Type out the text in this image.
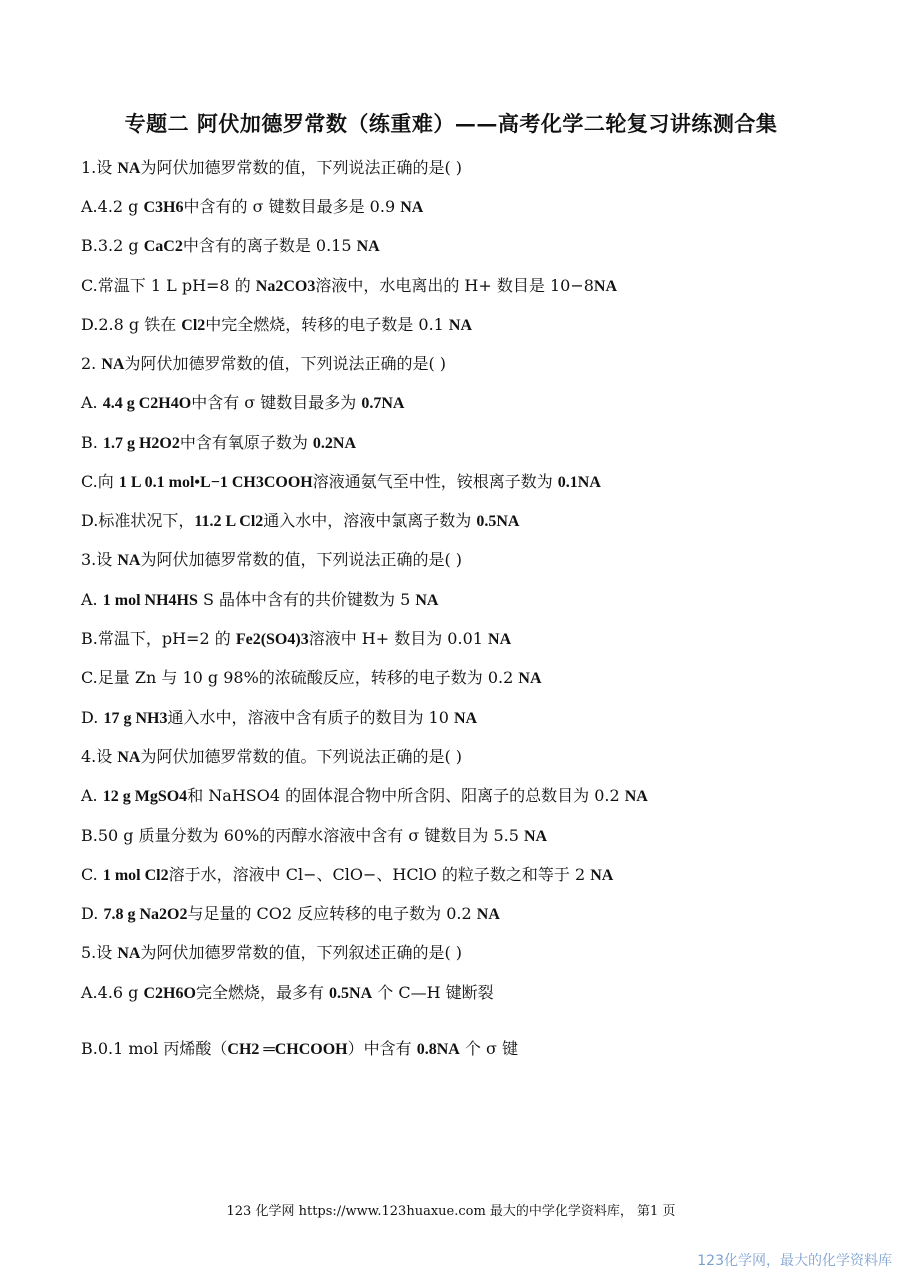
专题二 阿伏加德罗常数（练重难）——高考化学二轮复习讲练测合集
1.设 NA为阿伏加德罗常数的值，下列说法正确的是( )
A.4.2 g C3H6中含有的 σ 键数目最多是 0.9 NA
B.3.2 g CaC2中含有的离子数是 0.15 NA
C.常温下 1 L pH=8 的 Na2CO3溶液中，水电离出的 H+ 数目是 10−8NA
D.2.8 g 铁在 Cl2中完全燃烧，转移的电子数是 0.1 NA
2. NA为阿伏加德罗常数的值，下列说法正确的是( )
A. 4.4 g C2H4O中含有 σ 键数目最多为 0.7NA
B. 1.7 g H2O2中含有氧原子数为 0.2NA
C.向 1 L 0.1 mol•L−1 CH3COOH溶液通氨气至中性，铵根离子数为 0.1NA
D.标准状况下，11.2 L Cl2通入水中，溶液中氯离子数为 0.5NA
3.设 NA为阿伏加德罗常数的值，下列说法正确的是( )
A. 1 mol NH4HS S 晶体中含有的共价键数为 5 NA
B.常温下，pH=2 的 Fe2(SO4)3溶液中 H+ 数目为 0.01 NA
C.足量 Zn 与 10 g 98%的浓硫酸反应，转移的电子数为 0.2 NA
D. 17 g NH3通入水中，溶液中含有质子的数目为 10 NA
4.设 NA为阿伏加德罗常数的值。下列说法正确的是( )
A. 12 g MgSO4和 NaHSO4 的固体混合物中所含阴、阳离子的总数目为 0.2 NA
B.50 g 质量分数为 60%的丙醇水溶液中含有 σ 键数目为 5.5 NA
C. 1 mol Cl2溶于水，溶液中 Cl−、ClO−、HClO 的粒子数之和等于 2 NA
D. 7.8 g Na2O2与足量的 CO2 反应转移的电子数为 0.2 NA
5.设 NA为阿伏加德罗常数的值，下列叙述正确的是( )
A.4.6 g C2H6O完全燃烧，最多有 0.5NA 个 C—H 键断裂
B.0.1 mol 丙烯酸（CH2 ═CHCOOH）中含有 0.8NA 个 σ 键
123 化学网 https://www.123huaxue.com 最大的中学化学资料库， 第1 页
123化学网，最大的化学资料库
